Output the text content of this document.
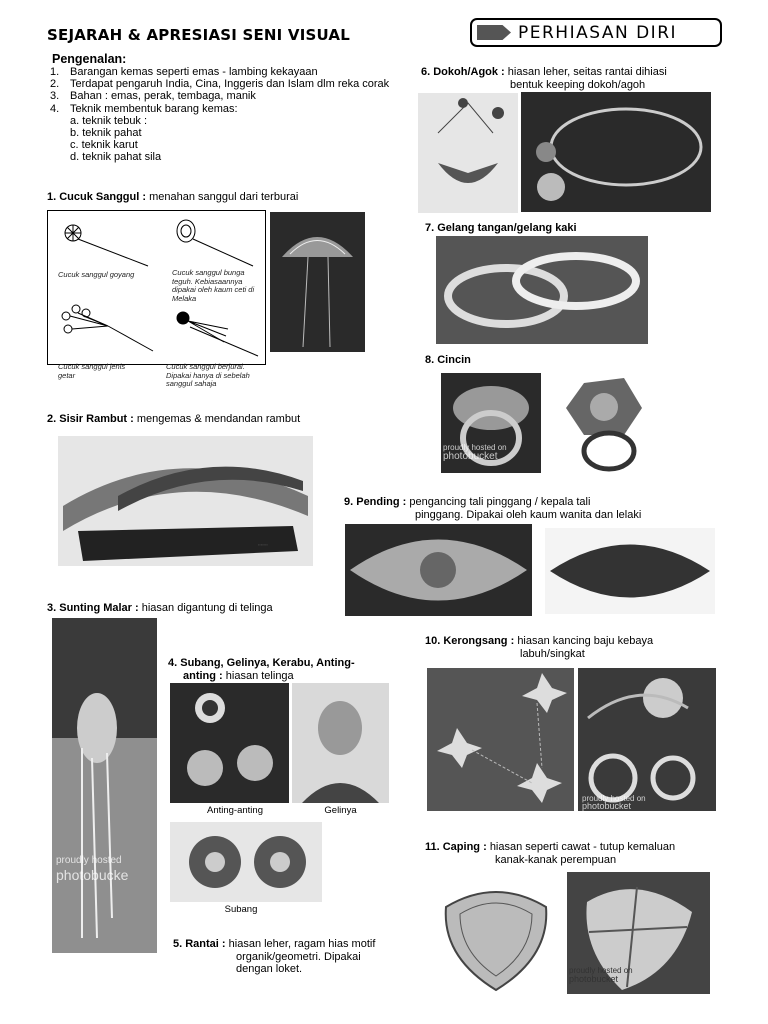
SEJARAH & APRESIASI SENI VISUAL	PERHIASAN DIRI
Pengenalan:
1. Barangan kemas seperti emas - lambing kekayaan
2. Terdapat pengaruh India, Cina, Inggeris dan Islam dlm reka corak
3. Bahan : emas, perak, tembaga, manik
4. Teknik membentuk barang kemas:
a. teknik tebuk :
b. teknik pahat
c. teknik karut
d. teknik pahat sila
1. Cucuk Sanggul : menahan sanggul dari terburai
Cucuk sanggul goyang	Cucuk sanggul bunga teguh. Kebiasaannya dipakai oleh kaum ceti di Melaka
Cucuk sanggul jenis getar
Cucuk sanggul berjurai. Dipakai hanya di sebelah sanggul sahaja
2. Sisir Rambut : mengemas & mendandan rambut
▪▪▪▪▪▪▪
3. Sunting Malar : hiasan digantung di telinga
proudly hosted
photobucke
4. Subang, Gelinya, Kerabu, Anting-
anting : hiasan telinga
Anting-anting	Gelinya
Subang
5. Rantai : hiasan leher, ragam hias motif
organik/geometri. Dipakai
dengan loket.
6. Dokoh/Agok : hiasan leher, seitas rantai dihiasi
bentuk keeping dokoh/agoh
7. Gelang tangan/gelang kaki
8. Cincin
proudly hosted on
photobucket
9. Pending : pengancing tali pinggang / kepala tali
pinggang. Dipakai oleh kaum wanita dan lelaki
10. Kerongsang : hiasan kancing baju kebaya
labuh/singkat
proudly hosted on
photobucket
11. Caping : hiasan seperti cawat - tutup kemaluan
kanak-kanak perempuan
proudly hosted on
photobucket
